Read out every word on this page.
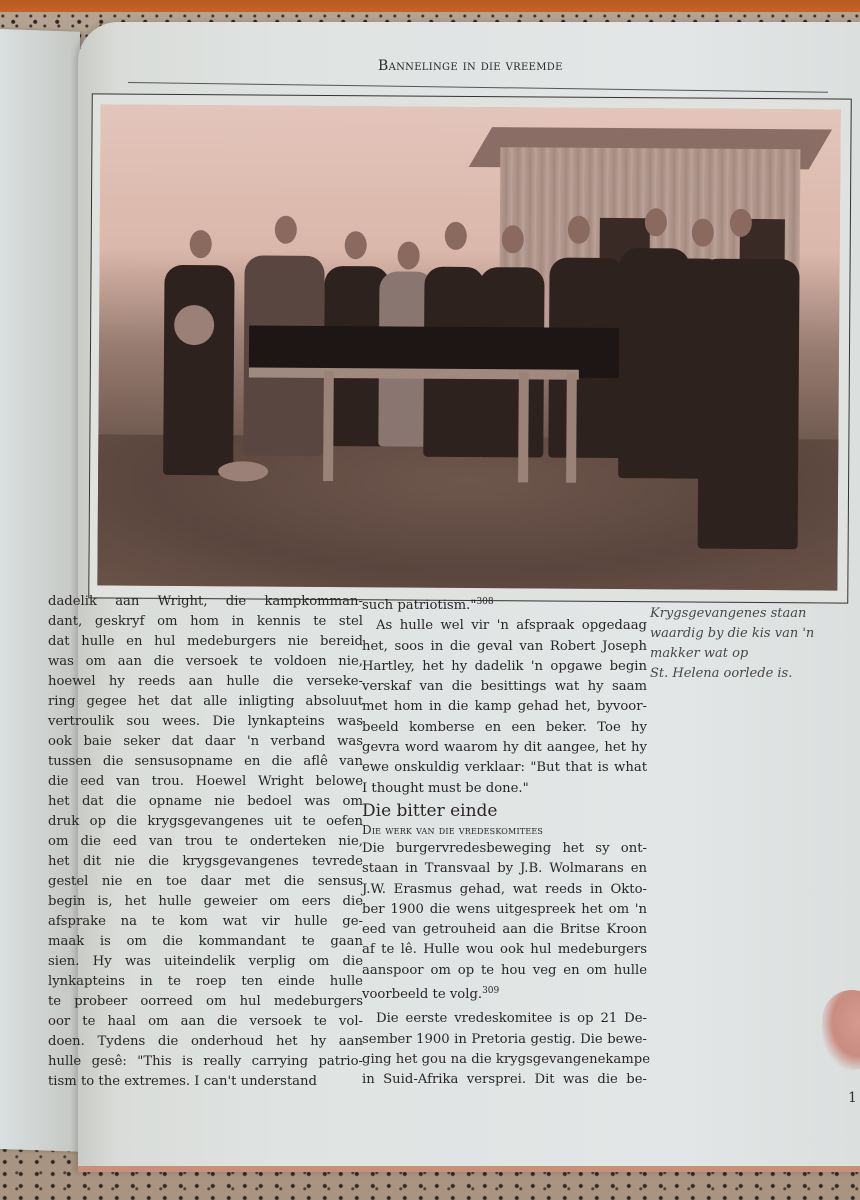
Bannelinge in die vreemde
dadelik aan Wright, die kampkomman-
dant, geskryf om hom in kennis te stel
dat hulle en hul medeburgers nie bereid
was om aan die versoek te voldoen nie,
hoewel hy reeds aan hulle die verseke-
ring gegee het dat alle inligting absoluut
vertroulik sou wees. Die lynkapteins was
ook baie seker dat daar 'n verband was
tussen die sensusopname en die aflê van
die eed van trou. Hoewel Wright belowe
het dat die opname nie bedoel was om
druk op die krygsgevangenes uit te oefen
om die eed van trou te onderteken nie,
het dit nie die krygsgevangenes tevrede
gestel nie en toe daar met die sensus
begin is, het hulle geweier om eers die
afsprake na te kom wat vir hulle ge-
maak is om die kommandant te gaan
sien. Hy was uiteindelik verplig om die
lynkapteins in te roep ten einde hulle
te probeer oorreed om hul medeburgers
oor te haal om aan die versoek te vol-
doen. Tydens die onderhoud het hy aan
hulle gesê: "This is really carrying patrio-
tism to the extremes. I can't understand
such patriotism."$^{308}$
As hulle wel vir 'n afspraak opgedaag
het, soos in die geval van Robert Joseph
Hartley, het hy dadelik 'n opgawe begin
verskaf van die besittings wat hy saam
met hom in die kamp gehad het, byvoor-
beeld komberse en een beker. Toe hy
gevra word waarom hy dit aangee, het hy
ewe onskuldig verklaar: "But that is what
I thought must be done."
Die bitter einde
Die werk van die vredeskomitees
Die burgervredesbeweging het sy ont-
staan in Transvaal by J.B. Wolmarans en
J.W. Erasmus gehad, wat reeds in Okto-
ber 1900 die wens uitgespreek het om 'n
eed van getrouheid aan die Britse Kroon
af te lê. Hulle wou ook hul medeburgers
aanspoor om op te hou veg en om hulle
voorbeeld te volg.$^{309}$
Die eerste vredeskomitee is op 21 De-
sember 1900 in Pretoria gestig. Die bewe-
ging het gou na die krygsgevangenekampe
in Suid-Afrika versprei. Dit was die be-
Krygsgevangenes staan
waardig by die kis van 'n
makker wat op
St. Helena oorlede is.
1
